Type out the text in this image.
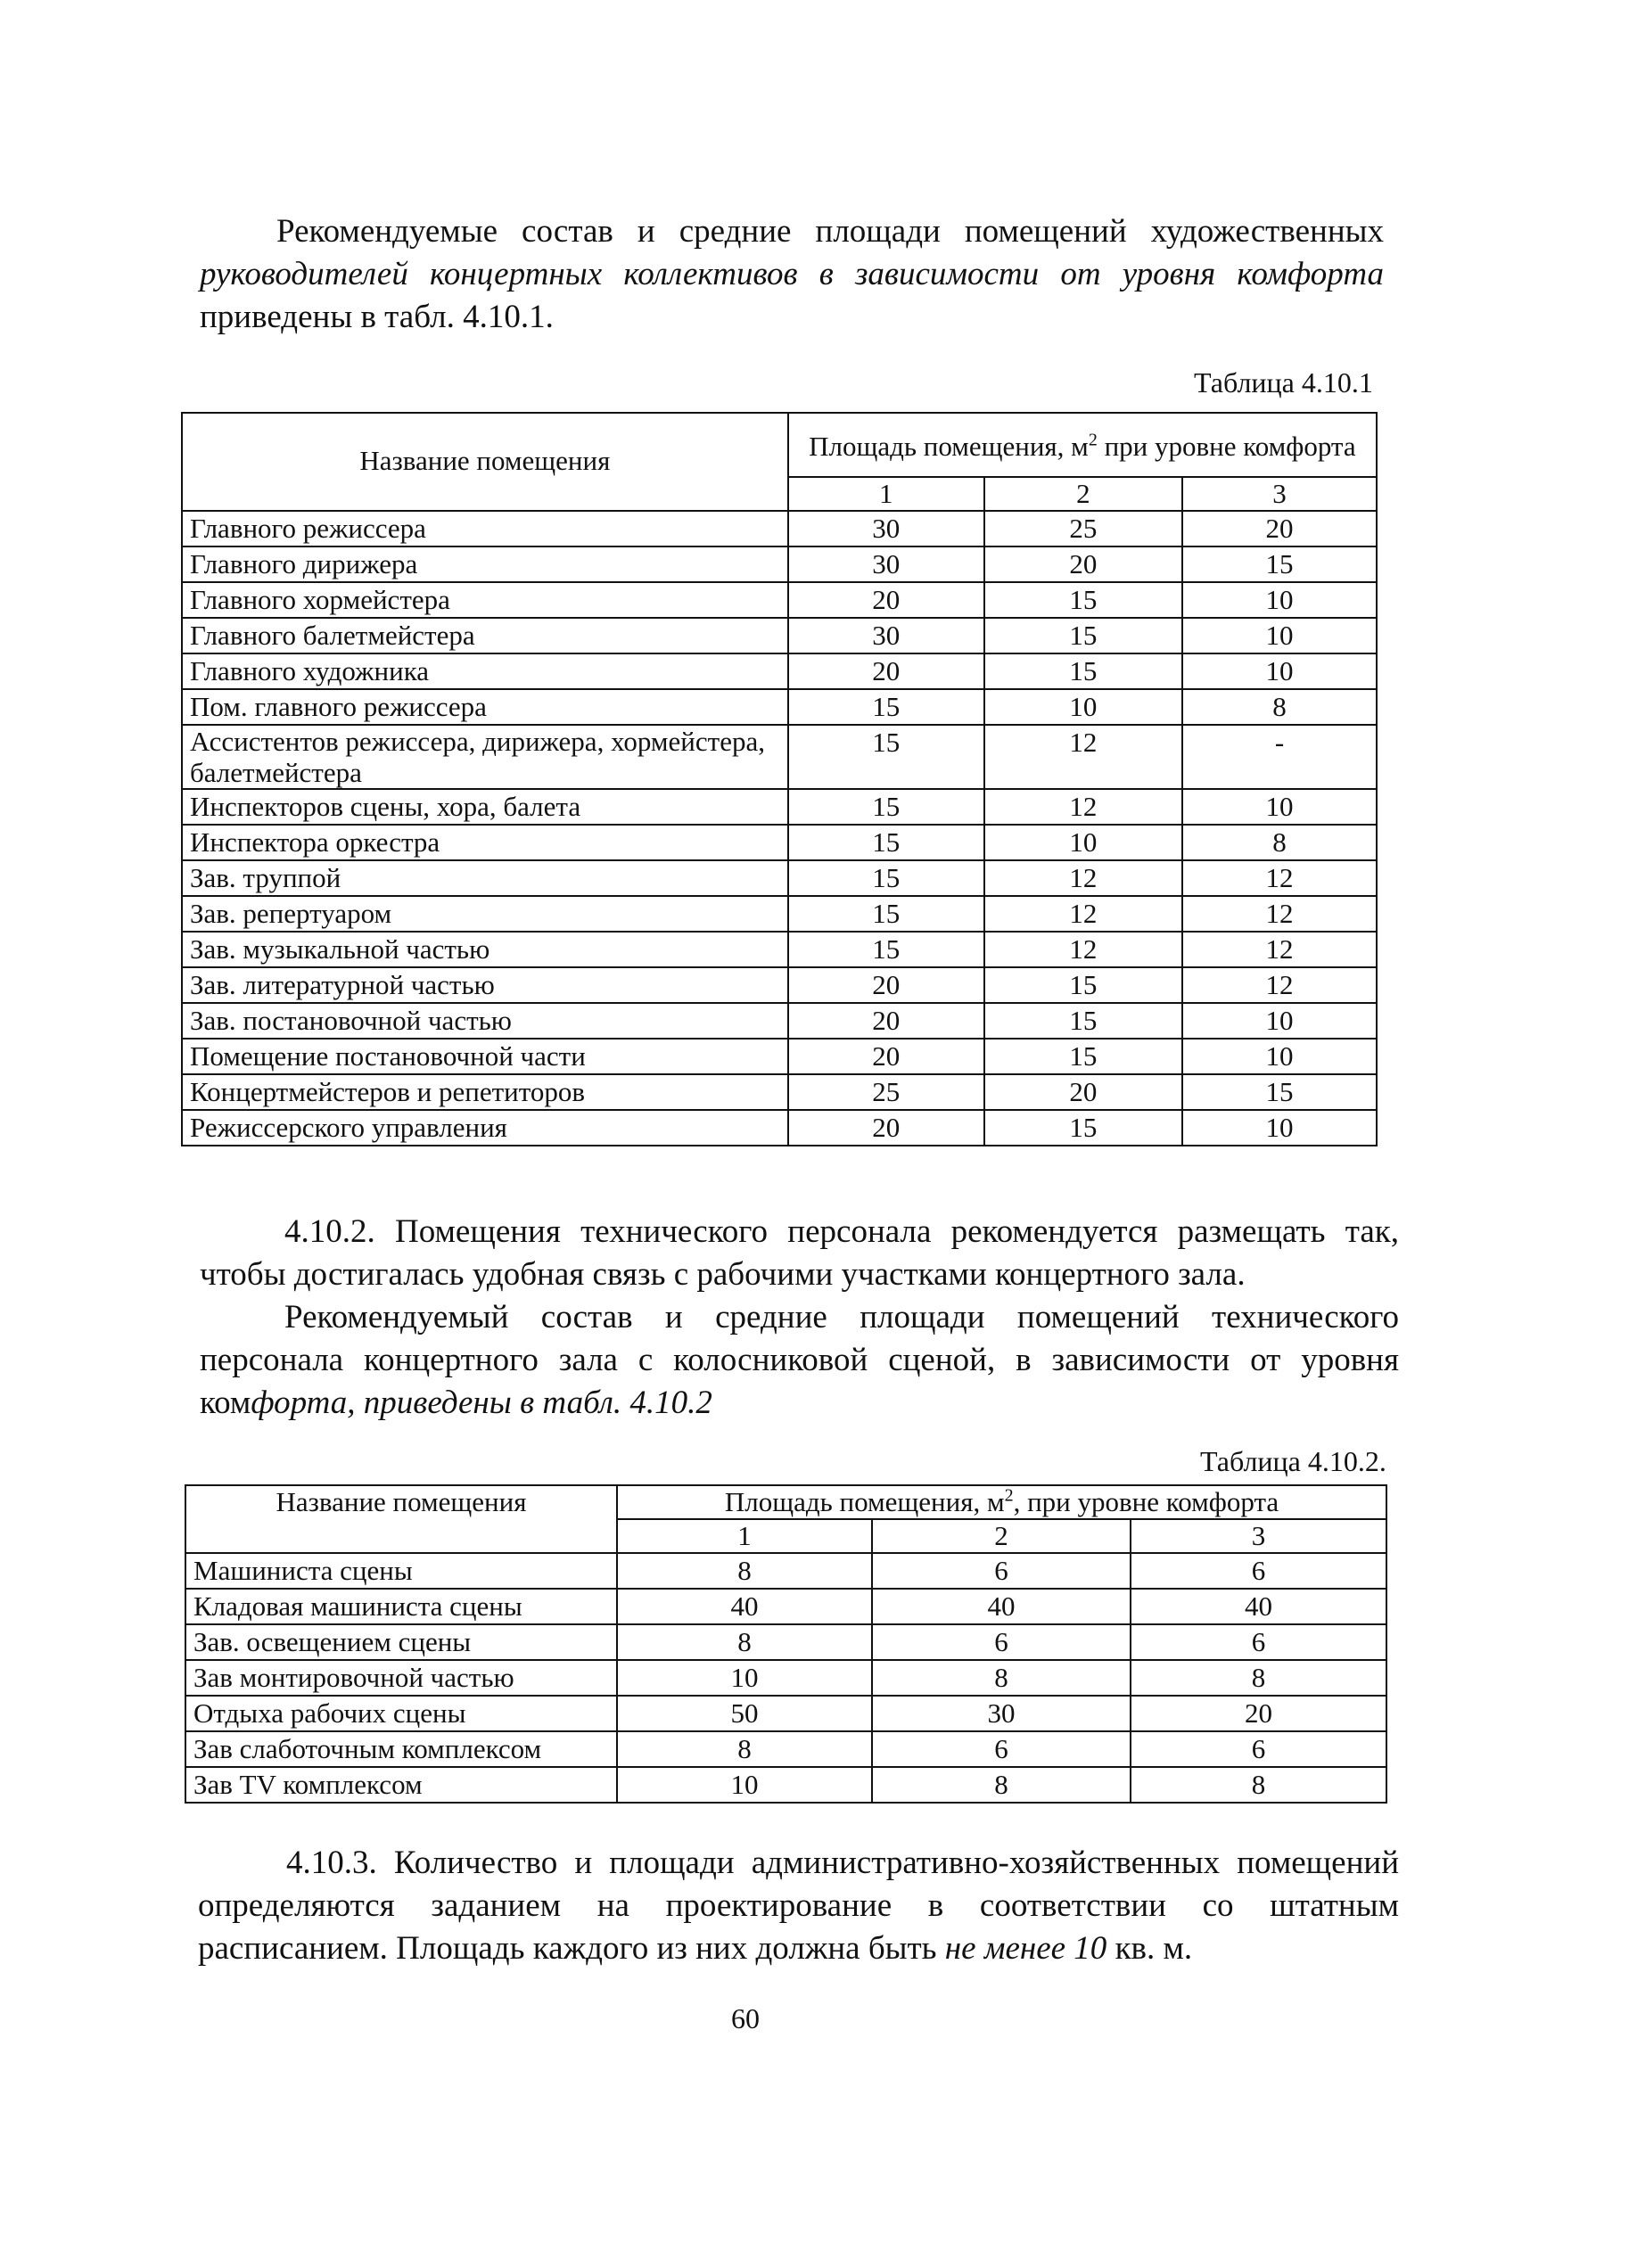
Рекомендуемые состав и средние площади помещений художественных руководителей концертных коллективов в зависимости от уровня комфорта приведены в табл. 4.10.1.

Таблица 4.10.1

Название помещения	Площадь помещения, $м^2$ при уровне комфорта		
	1	2	3
Главного режиссера	30	25	20
Главного дирижера	30	20	15
Главного хормейстера	20	15	10
Главного балетмейстера	30	15	10
Главного художника	20	15	10
Пом. главного режиссера	15	10	8
Ассистентов режиссера, дирижера, хормейстера, балетмейстера	15	12	-
Инспекторов сцены, хора, балета	15	12	10
Инспектора оркестра	15	10	8
Зав. труппой	15	12	12
Зав. репертуаром	15	12	12
Зав. музыкальной частью	15	12	12
Зав. литературной частью	20	15	12
Зав. постановочной частью	20	15	10
Помещение постановочной части	20	15	10
Концертмейстеров и репетиторов	25	20	15
Режиссерского управления	20	15	10

4.10.2. Помещения технического персонала рекомендуется размещать так, чтобы достигалась удобная связь с рабочими участками концертного зала.

Рекомендуемый состав и средние площади помещений технического персонала концертного зала с колосниковой сценой, в зависимости от уровня комфорта, приведены в табл. 4.10.2

Таблица 4.10.2.

Название помещения	Площадь помещения, $м^2$, при уровне комфорта		
	1	2	3
Машиниста сцены	8	6	6
Кладовая машиниста сцены	40	40	40
Зав. освещением сцены	8	6	6
Зав монтировочной частью	10	8	8
Отдыха рабочих сцены	50	30	20
Зав слаботочным комплексом	8	6	6
Зав TV комплексом	10	8	8

4.10.3. Количество и площади административно-хозяйственных помещений определяются заданием на проектирование в соответствии со штатным расписанием. Площадь каждого из них должна быть не менее 10 кв. м.

60
